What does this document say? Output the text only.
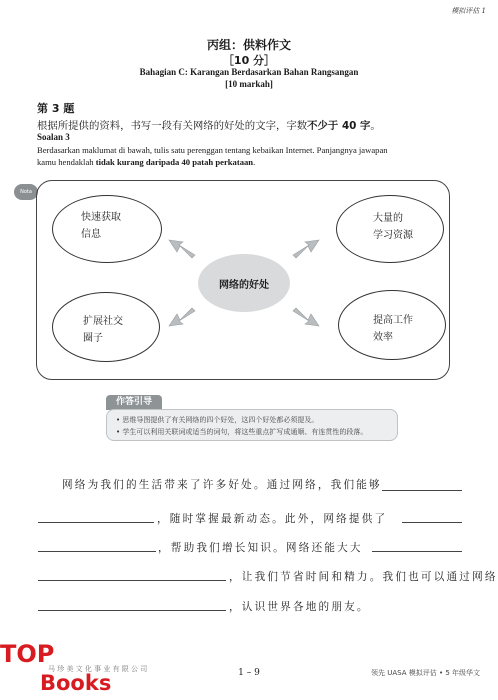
模拟评估 1
丙组：供料作文
［10 分］
Bahagian C: Karangan Berdasarkan Bahan Rangsangan
[10 markah]
第 3 题
根据所提供的资料，书写一段有关网络的好处的文字，字数不少于 40 字。
Soalan 3
Berdasarkan maklumat di bawah, tulis satu perenggan tentang kebaikan Internet. Panjangnya jawapan
kamu hendaklah tidak kurang daripada 40 patah perkataan.
Nota
快速获取
信息
大量的
学习资源
扩展社交
圈子
提高工作
效率
网络的好处
作答引导
• 思维导图提供了有关网络的四个好处，这四个好处都必须提及。
• 学生可以利用关联词或适当的词句，将这些重点扩写成通顺、有连贯性的段落。
网络为我们的生活带来了许多好处。通过网络，我们能够
，随时掌握最新动态。此外，网络提供了
，帮助我们增长知识。网络还能大大
，让我们节省时间和精力。我们也可以通过网络
，认识世界各地的朋友。
TOP
Books
马 珍 美 文 化 事 业 有 限 公 司	1 – 9	领先 UASA 模拟评估 • 5 年级华文
